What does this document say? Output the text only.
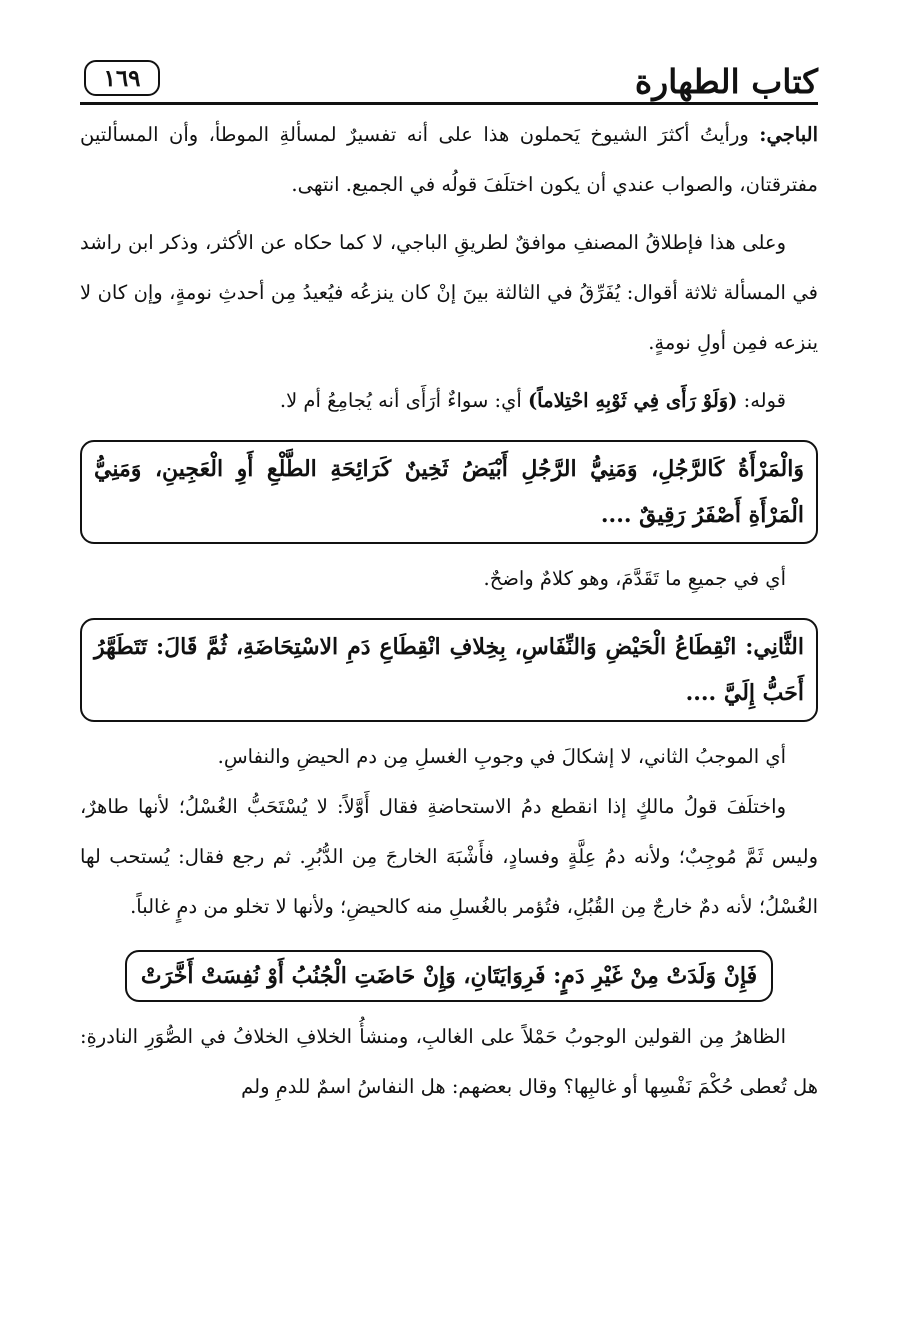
كتاب الطهارة
١٦٩

الباجي: ورأيتُ أكثرَ الشيوخ يَحملون هذا على أنه تفسيرٌ لمسألةِ الموطأ، وأن المسألتين مفترقتان، والصواب عندي أن يكون اختلَفَ قولُه في الجميع. انتهى.

وعلى هذا فإطلاقُ المصنفِ موافقٌ لطريقِ الباجي، لا كما حكاه عن الأكثر، وذكر ابن راشد في المسألة ثلاثة أقوال: يُفَرِّقُ في الثالثة بينَ إنْ كان ينزعُه فيُعيدُ مِن أحدثِ نومةٍ، وإن كان لا ينزعه فمِن أولِ نومةٍ.

قوله: (وَلَوْ رَأَى فِي ثَوْبِهِ احْتِلاماً) أي: سواءٌ أرَأَى أنه يُجامِعُ أم لا.

وَالْمَرْأَةُ كَالرَّجُلِ، وَمَنِيُّ الرَّجُلِ أَبْيَضُ ثَخِينٌ كَرَائِحَةِ الطَّلْعِ أَوِ الْعَجِينِ، وَمَنِيُّ الْمَرْأَةِ أَصْفَرُ رَقِيقٌ ....

أي في جميعِ ما تَقَدَّمَ، وهو كلامٌ واضحٌ.

الثَّانِي: انْقِطَاعُ الْحَيْضِ وَالنِّفَاسِ، بِخِلافِ انْقِطَاعِ دَمِ الاسْتِحَاضَةِ، ثُمَّ قَالَ: تَتَطَهَّرُ أَحَبُّ إِلَيَّ ....

أي الموجبُ الثاني، لا إشكالَ في وجوبِ الغسلِ مِن دم الحيضِ والنفاسِ.

واختلَفَ قولُ مالكٍ إذا انقطع دمُ الاستحاضةِ فقال أَوَّلاً: لا يُسْتَحَبُّ الغُسْلُ؛ لأنها طاهرٌ، وليس ثَمَّ مُوجِبٌ؛ ولأنه دمُ عِلَّةٍ وفسادٍ، فأَشْبَهَ الخارجَ مِن الدُّبُرِ. ثم رجع فقال: يُستحب لها الغُسْلُ؛ لأنه دمٌ خارجٌ مِن القُبُلِ، فتُؤمر بالغُسلِ منه كالحيضِ؛ ولأنها لا تخلو من دمٍ غالباً.

فَإِنْ وَلَدَتْ مِنْ غَيْرِ دَمٍ: فَرِوَايَتَانِ، وَإِنْ حَاضَتِ الْجُنُبُ أَوْ نُفِسَتْ أَخَّرَتْ

الظاهرُ مِن القولين الوجوبُ حَمْلاً على الغالبِ، ومنشأُ الخلافِ الخلافُ في الصُّوَرِ النادرةِ: هل تُعطى حُكْمَ نَفْسِها أو غالبِها؟ وقال بعضهم: هل النفاسُ اسمٌ للدمِ ولم
